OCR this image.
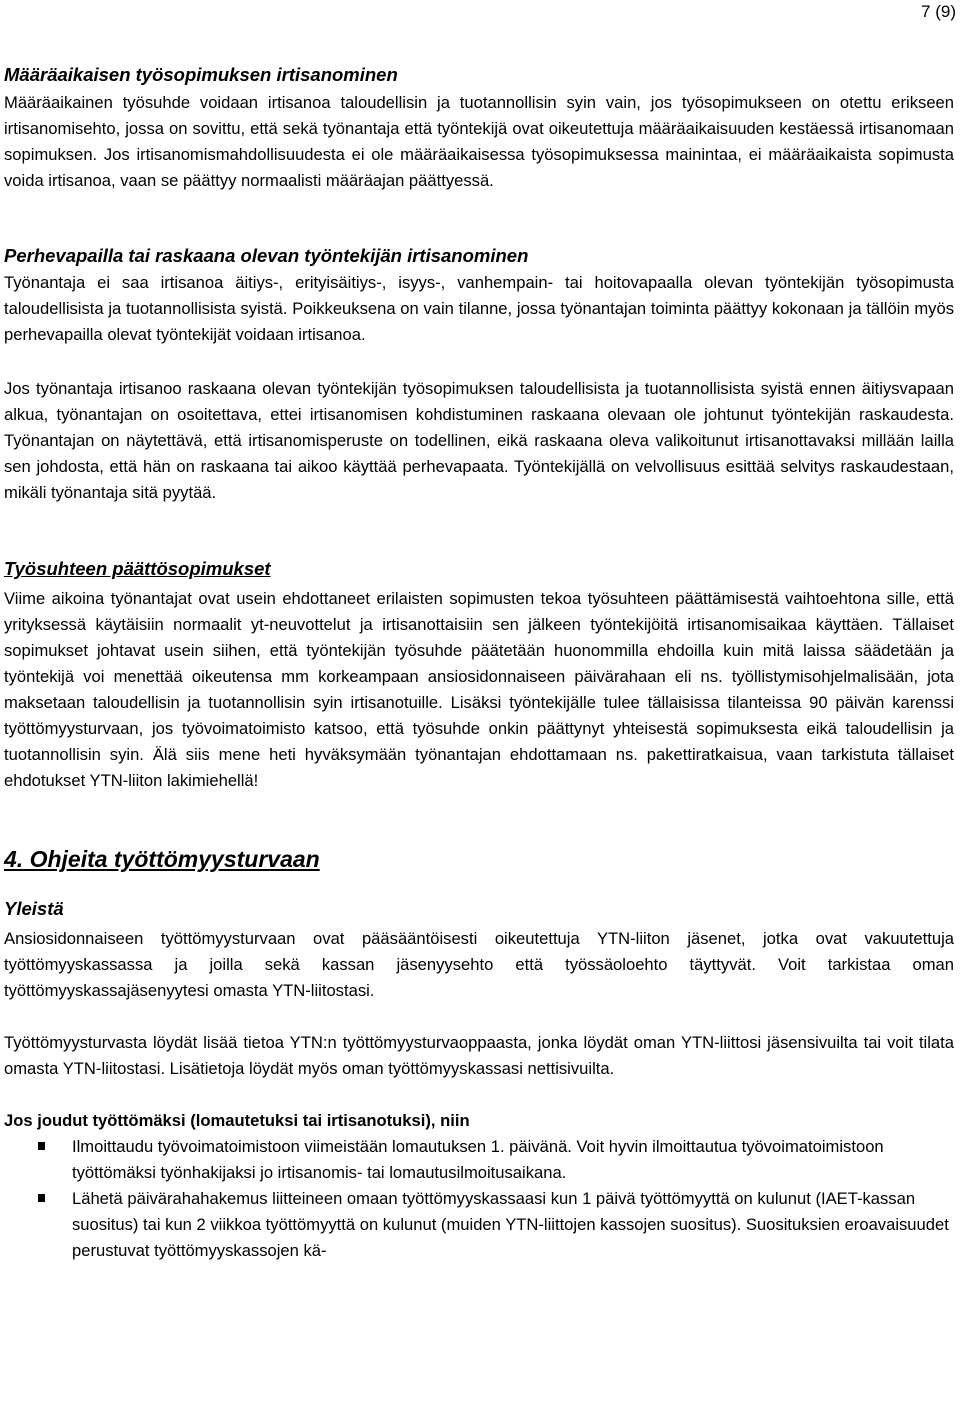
7 (9)
Määräaikaisen työsopimuksen irtisanominen

Määräaikainen työsuhde voidaan irtisanoa taloudellisin ja tuotannollisin syin vain, jos työsopimukseen on otettu erikseen irtisanomisehto, jossa on sovittu, että sekä työnantaja että työntekijä ovat oikeutettuja määräaikaisuuden kestäessä irtisanomaan sopimuksen. Jos irtisanomismahdollisuudesta ei ole määräaikaisessa työsopimuksessa mainintaa, ei määräaikaista sopimusta voida irtisanoa, vaan se päättyy normaalisti määräajan päättyessä.

Perhevapailla tai raskaana olevan työntekijän irtisanominen

Työnantaja ei saa irtisanoa äitiys-, erityisäitiys-, isyys-, vanhempain- tai hoitovapaalla olevan työntekijän työsopimusta taloudellisista ja tuotannollisista syistä. Poikkeuksena on vain tilanne, jossa työnantajan toiminta päättyy kokonaan ja tällöin myös perhevapailla olevat työntekijät voidaan irtisanoa.

Jos työnantaja irtisanoo raskaana olevan työntekijän työsopimuksen taloudellisista ja tuotannollisista syistä ennen äitiysvapaan alkua, työnantajan on osoitettava, ettei irtisanomisen kohdistuminen raskaana olevaan ole johtunut työntekijän raskaudesta. Työnantajan on näytettävä, että irtisanomisperuste on todellinen, eikä raskaana oleva valikoitunut irtisanottavaksi millään lailla sen johdosta, että hän on raskaana tai aikoo käyttää perhevapaata. Työntekijällä on velvollisuus esittää selvitys raskaudestaan, mikäli työnantaja sitä pyytää.

Työsuhteen päättösopimukset

Viime aikoina työnantajat ovat usein ehdottaneet erilaisten sopimusten tekoa työsuhteen päättämisestä vaihtoehtona sille, että yrityksessä käytäisiin normaalit yt-neuvottelut ja irtisanottaisiin sen jälkeen työntekijöitä irtisanomisaikaa käyttäen. Tällaiset sopimukset johtavat usein siihen, että työntekijän työsuhde päätetään huonommilla ehdoilla kuin mitä laissa säädetään ja työntekijä voi menettää oikeutensa mm korkeampaan ansiosidonnaiseen päivärahaan eli ns. työllistymisohjelmalisään, jota maksetaan taloudellisin ja tuotannollisin syin irtisanotuille. Lisäksi työntekijälle tulee tällaisissa tilanteissa 90 päivän karenssi työttömyysturvaan, jos työvoimatoimisto katsoo, että työsuhde onkin päättynyt yhteisestä sopimuksesta eikä taloudellisin ja tuotannollisin syin. Älä siis mene heti hyväksymään työnantajan ehdottamaan ns. pakettiratkaisua, vaan tarkistuta tällaiset ehdotukset YTN-liiton lakimiehellä!

4. Ohjeita työttömyysturvaan
Yleistä

Ansiosidonnaiseen työttömyysturvaan ovat pääsääntöisesti oikeutettuja YTN-liiton jäsenet, jotka ovat vakuutettuja työttömyyskassassa ja joilla sekä kassan jäsenyysehto että työssäoloehto täyttyvät. Voit tarkistaa oman työttömyyskassajäsenyytesi omasta YTN-liitostasi.

Työttömyysturvasta löydät lisää tietoa YTN:n työttömyysturvaoppaasta, jonka löydät oman YTN-liittosi jäsensivuilta tai voit tilata omasta YTN-liitostasi. Lisätietoja löydät myös oman työttömyyskassasi nettisivuilta.

Jos joudut työttömäksi (lomautetuksi tai irtisanotuksi), niin

Ilmoittaudu työvoimatoimistoon viimeistään lomautuksen 1. päivänä. Voit hyvin ilmoittautua työvoimatoimistoon työttömäksi työnhakijaksi jo irtisanomis- tai lomautusilmoitusaikana.
Lähetä päivärahahakemus liitteineen omaan työttömyyskassaasi kun 1 päivä työttömyyttä on kulunut (IAET-kassan suositus) tai kun 2 viikkoa työttömyyttä on kulunut (muiden YTN-liittojen kassojen suositus). Suosituksien eroavaisuudet perustuvat työttömyyskassojen kä-
